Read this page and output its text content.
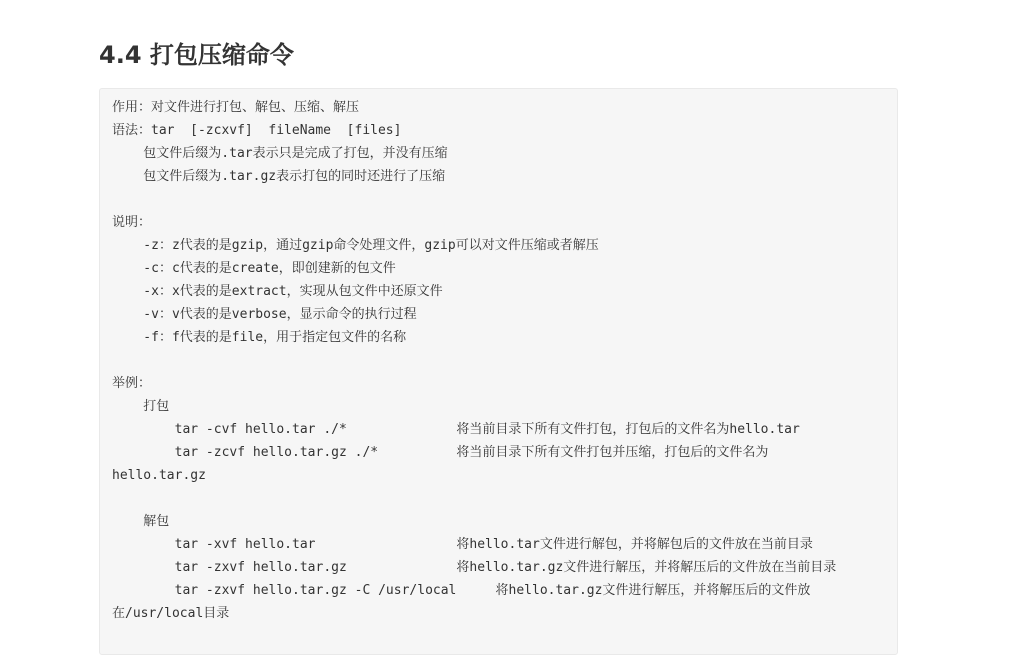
4.4 打包压缩命令
作用：对文件进行打包、解包、压缩、解压
语法：tar  [-zcxvf]  fileName  [files]
包文件后缀为.tar表示只是完成了打包，并没有压缩
包文件后缀为.tar.gz表示打包的同时还进行了压缩
说明：
-z：z代表的是gzip，通过gzip命令处理文件，gzip可以对文件压缩或者解压
-c：c代表的是create，即创建新的包文件
-x：x代表的是extract，实现从包文件中还原文件
-v：v代表的是verbose，显示命令的执行过程
-f：f代表的是file，用于指定包文件的名称
举例：
打包
tar -cvf hello.tar ./*              将当前目录下所有文件打包，打包后的文件名为hello.tar
tar -zcvf hello.tar.gz ./*          将当前目录下所有文件打包并压缩，打包后的文件名为
hello.tar.gz
解包
tar -xvf hello.tar                  将hello.tar文件进行解包，并将解包后的文件放在当前目录
tar -zxvf hello.tar.gz              将hello.tar.gz文件进行解压，并将解压后的文件放在当前目录
tar -zxvf hello.tar.gz -C /usr/local     将hello.tar.gz文件进行解压，并将解压后的文件放
在/usr/local目录
